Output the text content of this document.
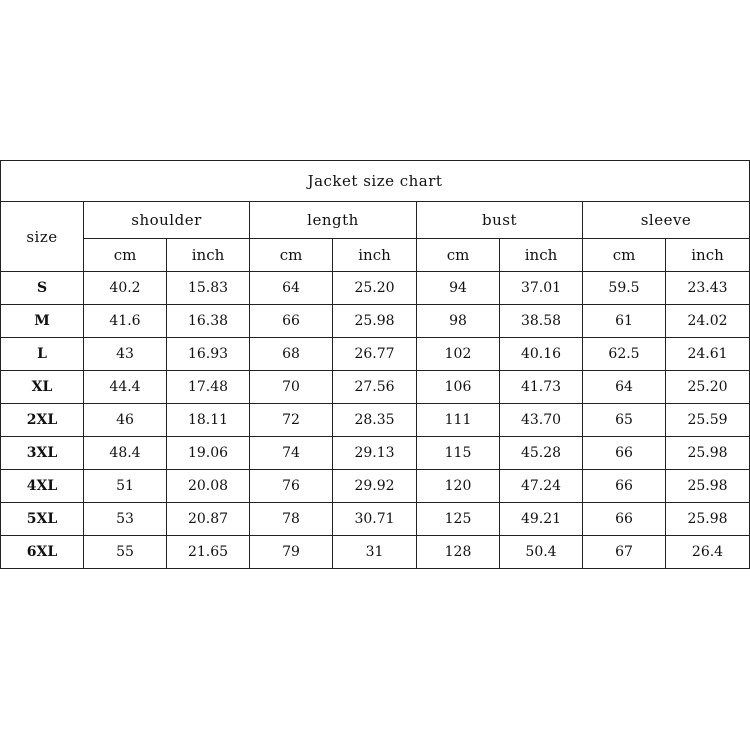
Jacket size chart								
size	shoulder		length		bust		sleeve	
	cm	inch	cm	inch	cm	inch	cm	inch
S	40.2	15.83	64	25.20	94	37.01	59.5	23.43
M	41.6	16.38	66	25.98	98	38.58	61	24.02
L	43	16.93	68	26.77	102	40.16	62.5	24.61
XL	44.4	17.48	70	27.56	106	41.73	64	25.20
2XL	46	18.11	72	28.35	111	43.70	65	25.59
3XL	48.4	19.06	74	29.13	115	45.28	66	25.98
4XL	51	20.08	76	29.92	120	47.24	66	25.98
5XL	53	20.87	78	30.71	125	49.21	66	25.98
6XL	55	21.65	79	31	128	50.4	67	26.4
